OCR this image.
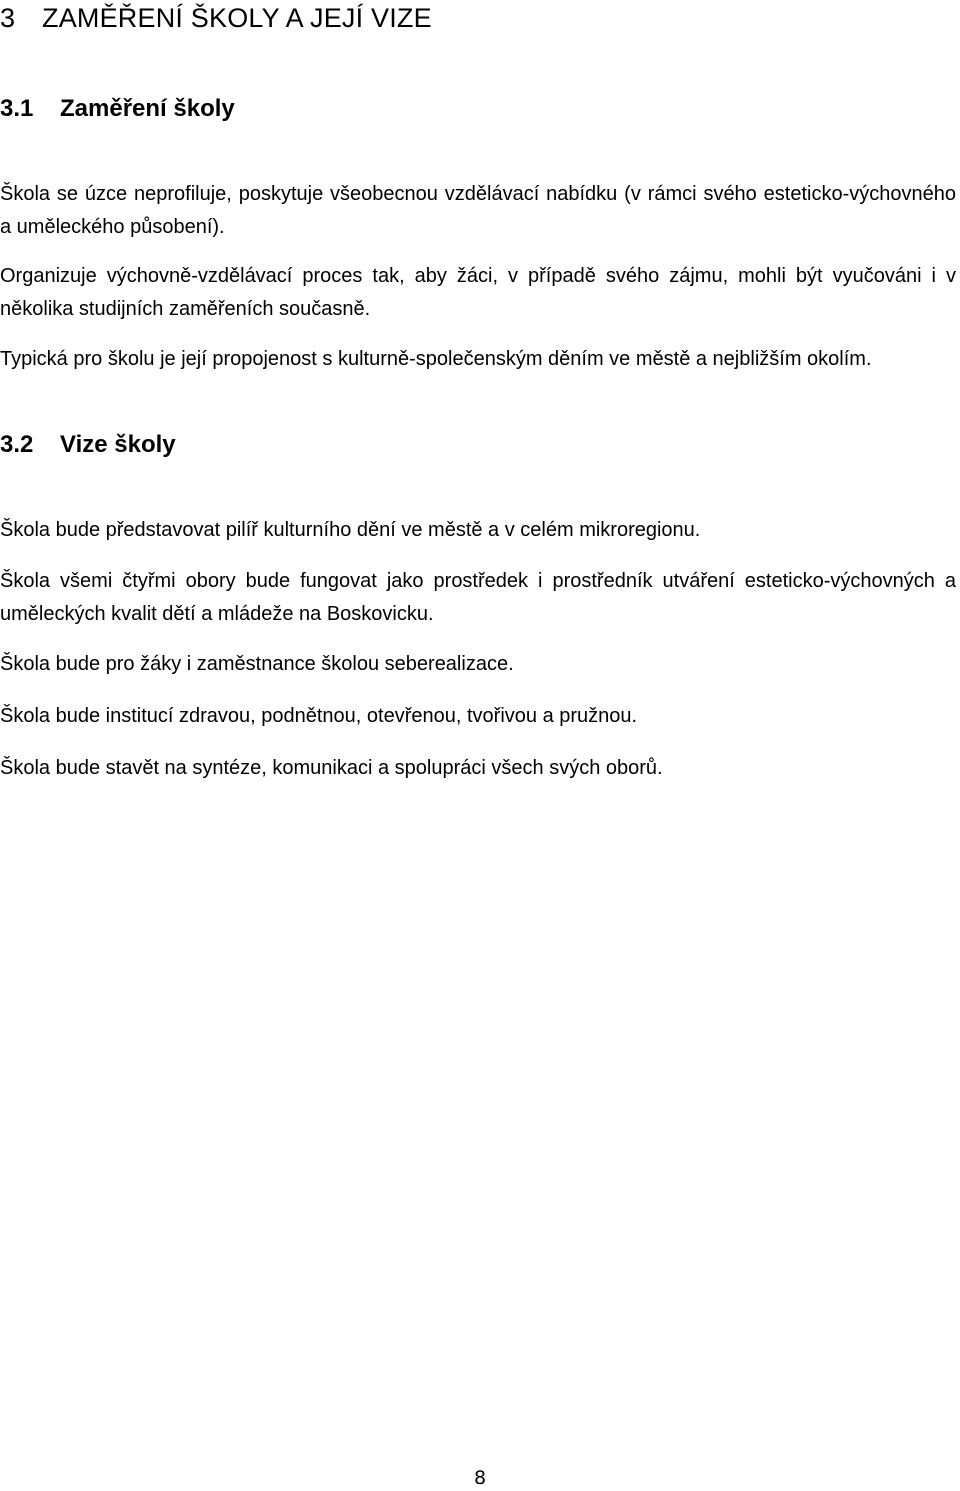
3 ZAMĚŘENÍ ŠKOLY A JEJÍ VIZE
3.1 Zaměření školy

Škola se úzce neprofiluje, poskytuje všeobecnou vzdělávací nabídku (v rámci svého esteticko-výchovného a uměleckého působení).

Organizuje výchovně-vzdělávací proces tak, aby žáci, v případě svého zájmu, mohli být vyučováni i v několika studijních zaměřeních současně.

Typická pro školu je její propojenost s kulturně-společenským děním ve městě a nejbližším okolím.

3.2 Vize školy

Škola bude představovat pilíř kulturního dění ve městě a v celém mikroregionu.

Škola všemi čtyřmi obory bude fungovat jako prostředek i prostředník utváření esteticko-výchovných a uměleckých kvalit dětí a mládeže na Boskovicku.

Škola bude pro žáky i zaměstnance školou seberealizace.

Škola bude institucí zdravou, podnětnou, otevřenou, tvořivou a pružnou.

Škola bude stavět na syntéze, komunikaci a spolupráci všech svých oborů.

8
